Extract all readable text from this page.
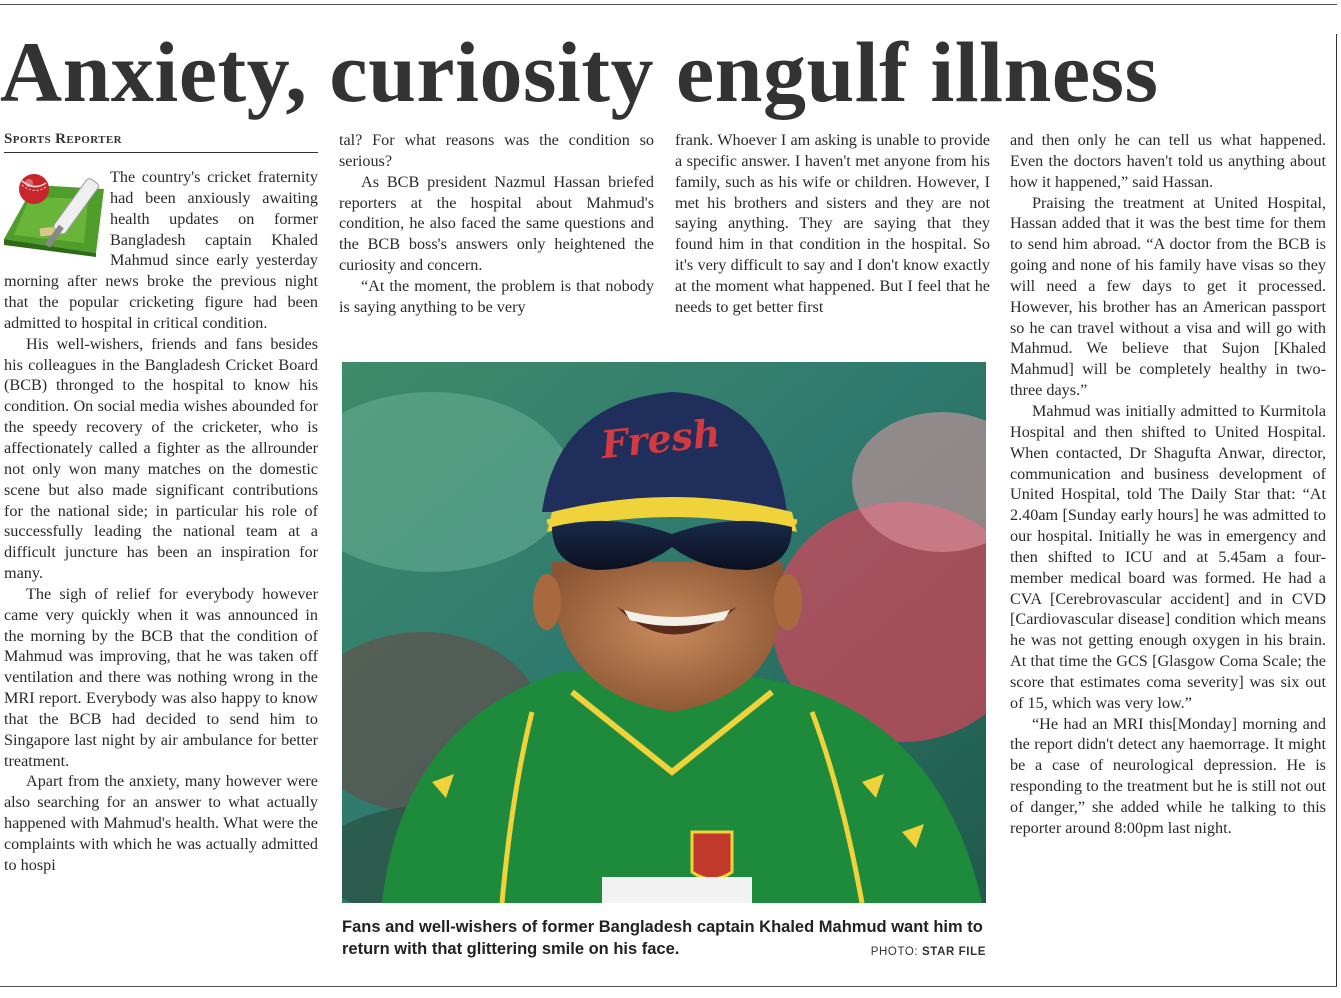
Anxiety, curiosity engulf illness
Sports Reporter

The country's cricket fraternity had been anxiously awaiting health updates on former Bangladesh captain Khaled Mahmud since early yesterday morning after news broke the previous night that the popular cricketing figure had been admitted to hospital in critical condition.

His well-wishers, friends and fans besides his colleagues in the Bangladesh Cricket Board (BCB) thronged to the hospital to know his condition. On social media wishes abounded for the speedy recovery of the cricketer, who is affectionately called a fighter as the allrounder not only won many matches on the domestic scene but also made significant contributions for the national side; in particular his role of successfully leading the national team at a difficult juncture has been an inspiration for many.

The sigh of relief for everybody however came very quickly when it was announced in the morning by the BCB that the condition of Mahmud was improving, that he was taken off ventilation and there was nothing wrong in the MRI report. Everybody was also happy to know that the BCB had decided to send him to Singapore last night by air ambulance for better treatment.

Apart from the anxiety, many however were also searching for an answer to what actually happened with Mahmud's health. What were the complaints with which he was actually admitted to hospi

tal? For what reasons was the condition so serious?

As BCB president Nazmul Hassan briefed reporters at the hospital about Mahmud's condition, he also faced the same questions and the BCB boss's answers only heightened the curiosity and concern.

“At the moment, the problem is that nobody is saying anything to be very

frank. Whoever I am asking is unable to provide a specific answer. I haven't met anyone from his family, such as his wife or children. However, I met his brothers and sisters and they are not saying anything. They are saying that they found him in that condition in the hospital. So it's very difficult to say and I don't know exactly at the moment what happened. But I feel that he needs to get better first

and then only he can tell us what happened. Even the doctors haven't told us anything about how it happened,” said Hassan.

Praising the treatment at United Hospital, Hassan added that it was the best time for them to send him abroad. “A doctor from the BCB is going and none of his family have visas so they will need a few days to get it processed. However, his brother has an American passport so he can travel without a visa and will go with Mahmud. We believe that Sujon [Khaled Mahmud] will be completely healthy in two-three days.”

Mahmud was initially admitted to Kurmitola Hospital and then shifted to United Hospital. When contacted, Dr Shagufta Anwar, director, communication and business development of United Hospital, told The Daily Star that: “At 2.40am [Sunday early hours] he was admitted to our hospital. Initially he was in emergency and then shifted to ICU and at 5.45am a four-member medical board was formed. He had a CVA [Cerebrovascular accident] and in CVD [Cardiovascular disease] condition which means he was not getting enough oxygen in his brain. At that time the GCS [Glasgow Coma Scale; the score that estimates coma severity] was six out of 15, which was very low.”

“He had an MRI this[Monday] morning and the report didn't detect any haemorrage. It might be a case of neurological depression. He is responding to the treatment but he is still not out of danger,” she added while he talking to this reporter around 8:00pm last night.

Fresh
Fans and well-wishers of former Bangladesh captain Khaled Mahmud want him to return with that glittering smile on his face.	PHOTO: STAR FILE
